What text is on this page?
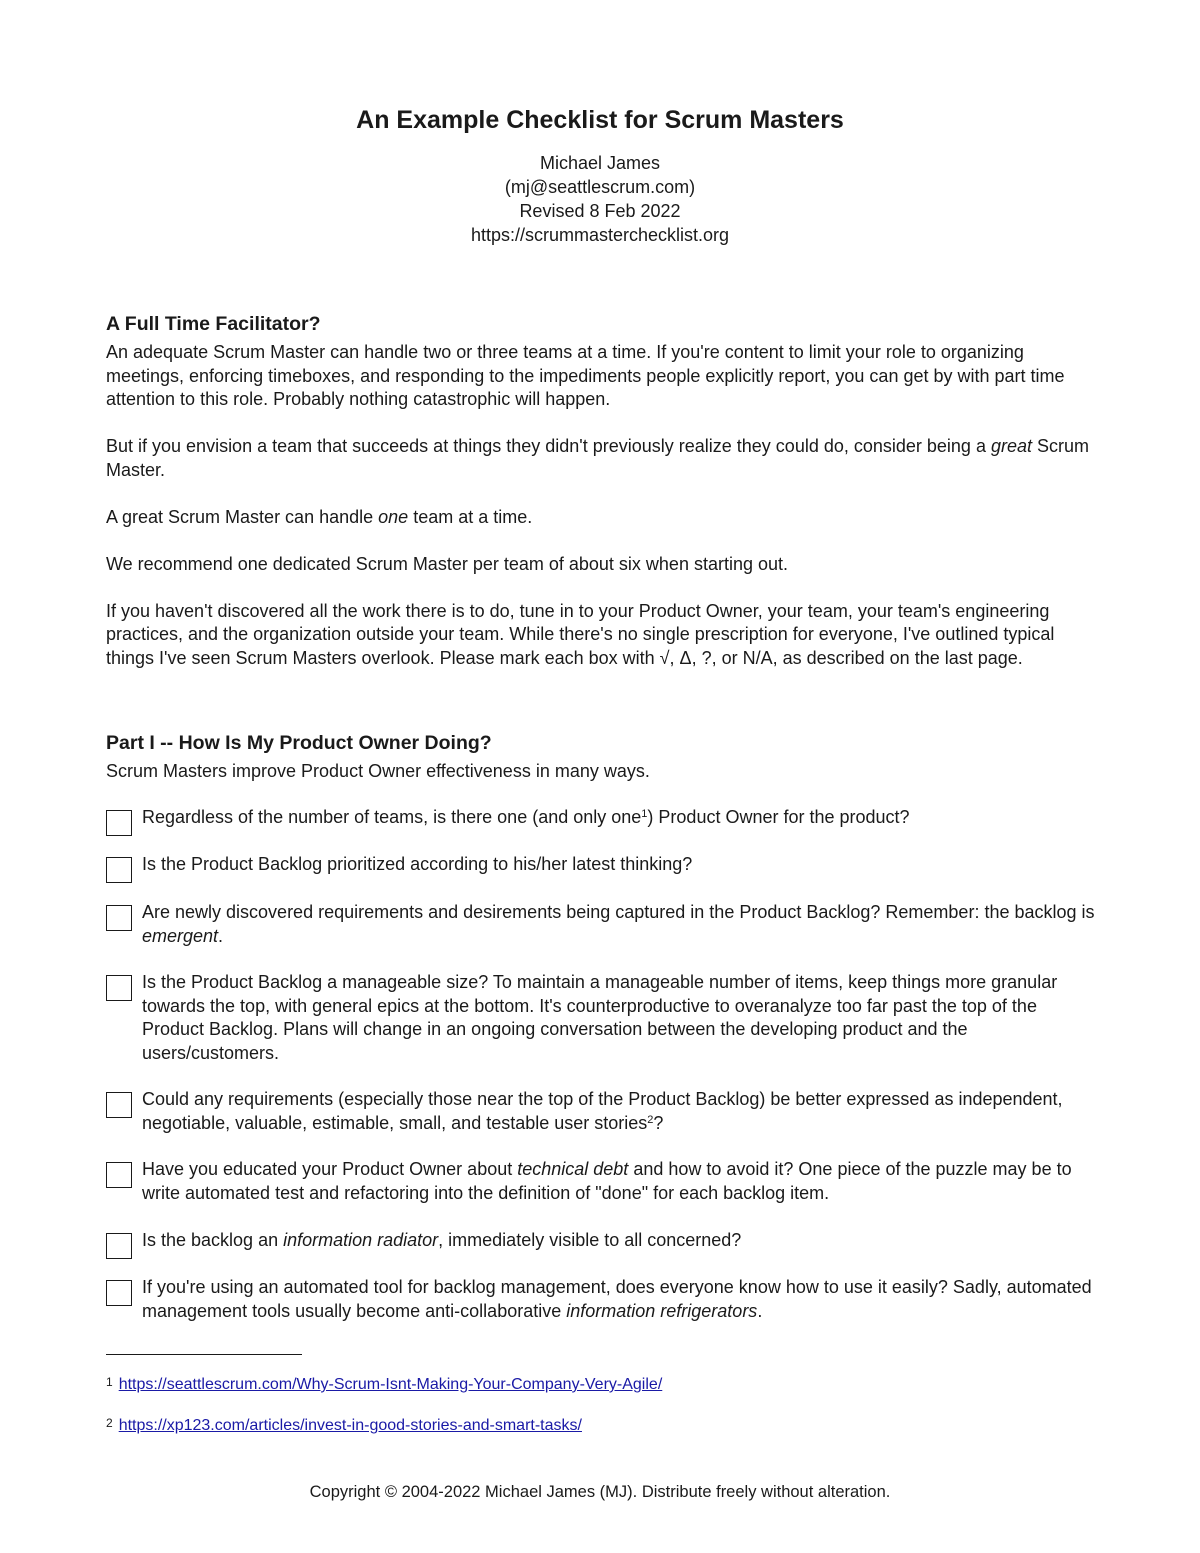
An Example Checklist for Scrum Masters
Michael James
(mj@seattlescrum.com)
Revised 8 Feb 2022
https://scrummasterchecklist.org
A Full Time Facilitator?

An adequate Scrum Master can handle two or three teams at a time. If you're content to limit your role to organizing meetings, enforcing timeboxes, and responding to the impediments people explicitly report, you can get by with part time attention to this role. Probably nothing catastrophic will happen.

But if you envision a team that succeeds at things they didn't previously realize they could do, consider being a great Scrum Master.

A great Scrum Master can handle one team at a time.

We recommend one dedicated Scrum Master per team of about six when starting out.

If you haven't discovered all the work there is to do, tune in to your Product Owner, your team, your team's engineering practices, and the organization outside your team. While there's no single prescription for everyone, I've outlined typical things I've seen Scrum Masters overlook. Please mark each box with √, Δ, ?, or N/A, as described on the last page.

Part I -- How Is My Product Owner Doing?
Scrum Masters improve Product Owner effectiveness in many ways.
Regardless of the number of teams, is there one (and only one$^1$) Product Owner for the product?
Is the Product Backlog prioritized according to his/her latest thinking?
Are newly discovered requirements and desirements being captured in the Product Backlog? Remember: the backlog is emergent.
Is the Product Backlog a manageable size? To maintain a manageable number of items, keep things more granular towards the top, with general epics at the bottom. It's counterproductive to overanalyze too far past the top of the Product Backlog. Plans will change in an ongoing conversation between the developing product and the users/customers.
Could any requirements (especially those near the top of the Product Backlog) be better expressed as independent, negotiable, valuable, estimable, small, and testable user stories$^2$?
Have you educated your Product Owner about technical debt and how to avoid it? One piece of the puzzle may be to write automated test and refactoring into the definition of "done" for each backlog item.
Is the backlog an information radiator, immediately visible to all concerned?
If you're using an automated tool for backlog management, does everyone know how to use it easily? Sadly, automated management tools usually become anti-collaborative information refrigerators.
1 https://seattlescrum.com/Why-Scrum-Isnt-Making-Your-Company-Very-Agile/
2 https://xp123.com/articles/invest-in-good-stories-and-smart-tasks/
Copyright © 2004-2022 Michael James (MJ). Distribute freely without alteration.
